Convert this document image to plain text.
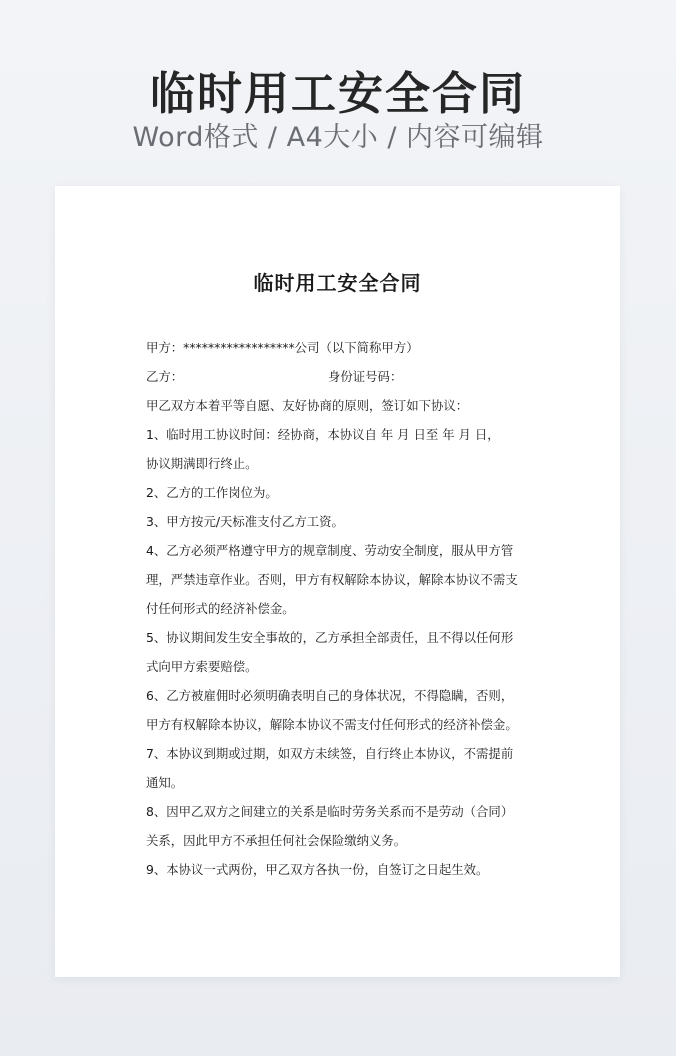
临时用工安全合同
Word格式 / A4大小 / 内容可编辑
临时用工安全合同
甲方：******************公司（以下简称甲方）
乙方：	身份证号码：
甲乙双方本着平等自愿、友好协商的原则，签订如下协议：
1、临时用工协议时间：经协商，本协议自 年 月 日至 年 月 日，
协议期满即行终止。
2、乙方的工作岗位为。
3、甲方按元/天标准支付乙方工资。
4、乙方必须严格遵守甲方的规章制度、劳动安全制度，服从甲方管
理，严禁违章作业。否则，甲方有权解除本协议，解除本协议不需支
付任何形式的经济补偿金。
5、协议期间发生安全事故的，乙方承担全部责任，且不得以任何形
式向甲方索要赔偿。
6、乙方被雇佣时必须明确表明自己的身体状况，不得隐瞒，否则，
甲方有权解除本协议，解除本协议不需支付任何形式的经济补偿金。
7、本协议到期或过期，如双方未续签，自行终止本协议，不需提前
通知。
8、因甲乙双方之间建立的关系是临时劳务关系而不是劳动（合同）
关系，因此甲方不承担任何社会保险缴纳义务。
9、本协议一式两份，甲乙双方各执一份，自签订之日起生效。
